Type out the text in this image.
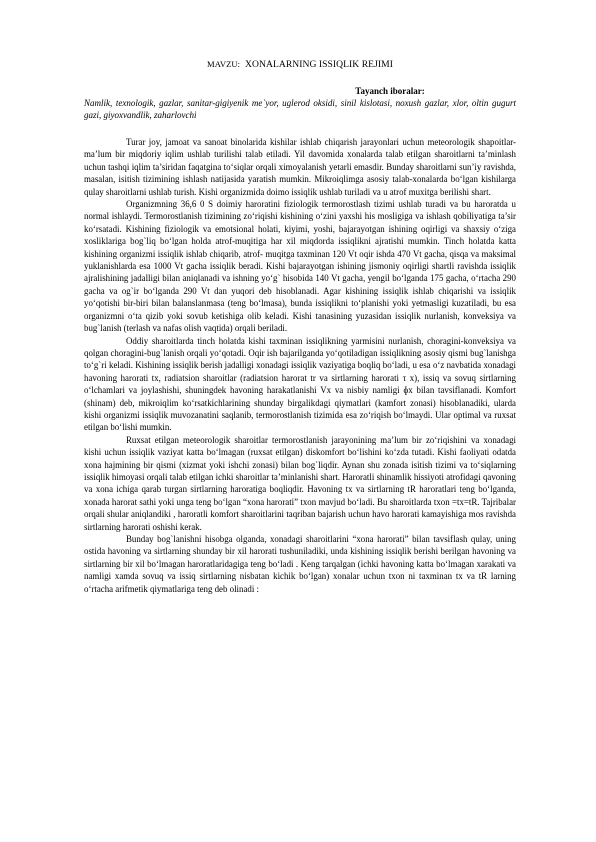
MAVZU: XONALARNING ISSIQLIK REJIMI

Tayanch iboralar:

Namlik, texnologik, gazlar, sanitar-gigiyenik me`yor, uglerod oksidi, sinil kislotasi, noxush gazlar, xlor, oltin gugurt gazi, giyoxvandlik, zaharlovchi

Turar joy, jamoat va sanoat binolarida kishilar ishlab chiqarish jarayonlari uchun meteorologik shароitlar-ma’lum bir miqdoriy iqlim ushlab turilishi talab etiladi. Yil davomida xonalarda talab etilgan sharoitlarni ta’minlash uchun tashqi iqlim ta’siridan faqatgina to‘siqlar orqali ximoyalanish yetarli emasdir. Bunday sharoitlarni sun’iy ravishda, masalan, isitish tizimining ishlash natijasida yaratish mumkin. Mikroiqlimga asosiy talab-xonalarda bo‘lgan kishilarga qulay sharoitlarni ushlab turish. Kishi organizmida doimo issiqlik ushlab turiladi va u atrof muxitga berilishi shart.

Organizmning 36,6 0 S doimiy haroratini fiziologik termorostlash tizimi ushlab turadi va bu haroratda u normal ishlaydi. Termorostlanish tizimining zo‘riqishi kishining o‘zini yaxshi his mosligiga va ishlash qobiliyatiga ta’sir ko‘rsatadi. Kishining fiziologik va emotsional holati, kiyimi, yoshi, bajarayotgan ishining oqirligi va shaxsiy o‘ziga xosliklariga bog`liq bo‘lgan holda atrof-muqitiga har xil miqdorda issiqlikni ajratishi mumkin. Tinch holatda katta kishining organizmi issiqlik ishlab chiqarib, atrof- muqitga taxminan 120 Vt oqir ishda 470 Vt gacha, qisqa va maksimal yuklanishlarda esa 1000 Vt gacha issiqlik beradi. Kishi bajarayotgan ishining jismoniy oqirligi shartli ravishda issiqlik ajralishining jadalligi bilan aniqlanadi va ishning yo‘g` hisobida 140 Vt gacha, yengil bo‘lganda 175 gacha, o‘rtacha 290 gacha va og`ir bo‘lganda 290 Vt dan yuqori deb hisoblanadi. Agar kishining issiqlik ishlab chiqarishi va issiqlik yo‘qotishi bir-biri bilan balanslanmasa (teng bo‘lmasa), bunda issiqlikni to‘planishi yoki yetmasligi kuzatiladi, bu esa organizmni o‘ta qizib yoki sovub ketishiga olib keladi. Kishi tanasining yuzasidan issiqlik nurlanish, konveksiya va bug`lanish (terlash va nafas olish vaqtida) orqali beriladi.

Oddiy sharoitlarda tinch holatda kishi taxminan issiqlikning yarmisini nurlanish, choragini-konveksiya va qolgan choragini-bug`lanish orqali yo‘qotadi. Oqir ish bajarilganda yo‘qotiladigan issiqlikning asosiy qismi bug`lanishga to‘g`ri keladi. Kishining issiqlik berish jadalligi xonadagi issiqlik vaziyatiga boqliq bo‘ladi, u esa o‘z navbatida xonadagi havoning harorati tx, radiatsion sharoitlar (radiatsion harorat tr va sirtlarning harorati τ x), issiq va sovuq sirtlarning o‘lchamlari va joylashishi, shuningdek havoning harakatlanishi Vx va nisbiy namligi ɸx bilan tavsiflanadi. Komfort (shinam) deb, mikroiqlim ko‘rsatkichlarining shunday birgalikdagi qiymatlari (kamfort zonasi) hisoblanadiki, ularda kishi organizmi issiqlik muvozanatini saqlanib, termorostlanish tizimida esa zo‘riqish bo‘lmaydi. Ular optimal va ruxsat etilgan bo‘lishi mumkin.

Ruxsat etilgan meteorologik sharoitlar termorostlanish jarayonining ma’lum bir zo‘riqishini va xonadagi kishi uchun issiqlik vaziyat katta bo‘lmagan (ruxsat etilgan) diskomfort bo‘lishini ko‘zda tutadi. Kishi faoliyati odatda xona hajmining bir qismi (xizmat yoki ishchi zonasi) bilan bog`liqdir. Aynan shu zonada isitish tizimi va to‘siqlarning issiqlik himoyasi orqali talab etilgan ichki sharoitlar ta’minlanishi shart. Haroratli shinamlik hissiyoti atrofidagi qavoning va xona ichiga qarab turgan sirtlarning haroratiga boqliqdir. Havoning tx va sirtlarning tR haroratlari teng bo‘lganda, xonada harorat sathi yoki unga teng bo‘lgan “xona harorati” txon mavjud bo‘ladi. Bu sharoitlarda txon =tx=tR. Tajribalar orqali shular aniqlandiki , haroratli komfort sharoitlarini taqriban bajarish uchun havo harorati kamayishiga mos ravishda sirtlarning harorati oshishi kerak.

Bunday bog`lanishni hisobga olganda, xonadagi sharoitlarini “xona harorati” bilan tavsiflash qulay, uning ostida havoning va sirtlarning shunday bir xil harorati tushuniladiki, unda kishining issiqlik berishi berilgan havoning va sirtlarning bir xil bo‘lmagan haroratlaridagiga teng bo‘ladi . Keng tarqalgan (ichki havoning katta bo‘lmagan xarakati va namligi xamda sovuq va issiq sirtlarning nisbatan kichik bo‘lgan) xonalar uchun txon ni taxminan tx va tR larning o‘rtacha arifmetik qiymatlariga teng deb olinadi :
